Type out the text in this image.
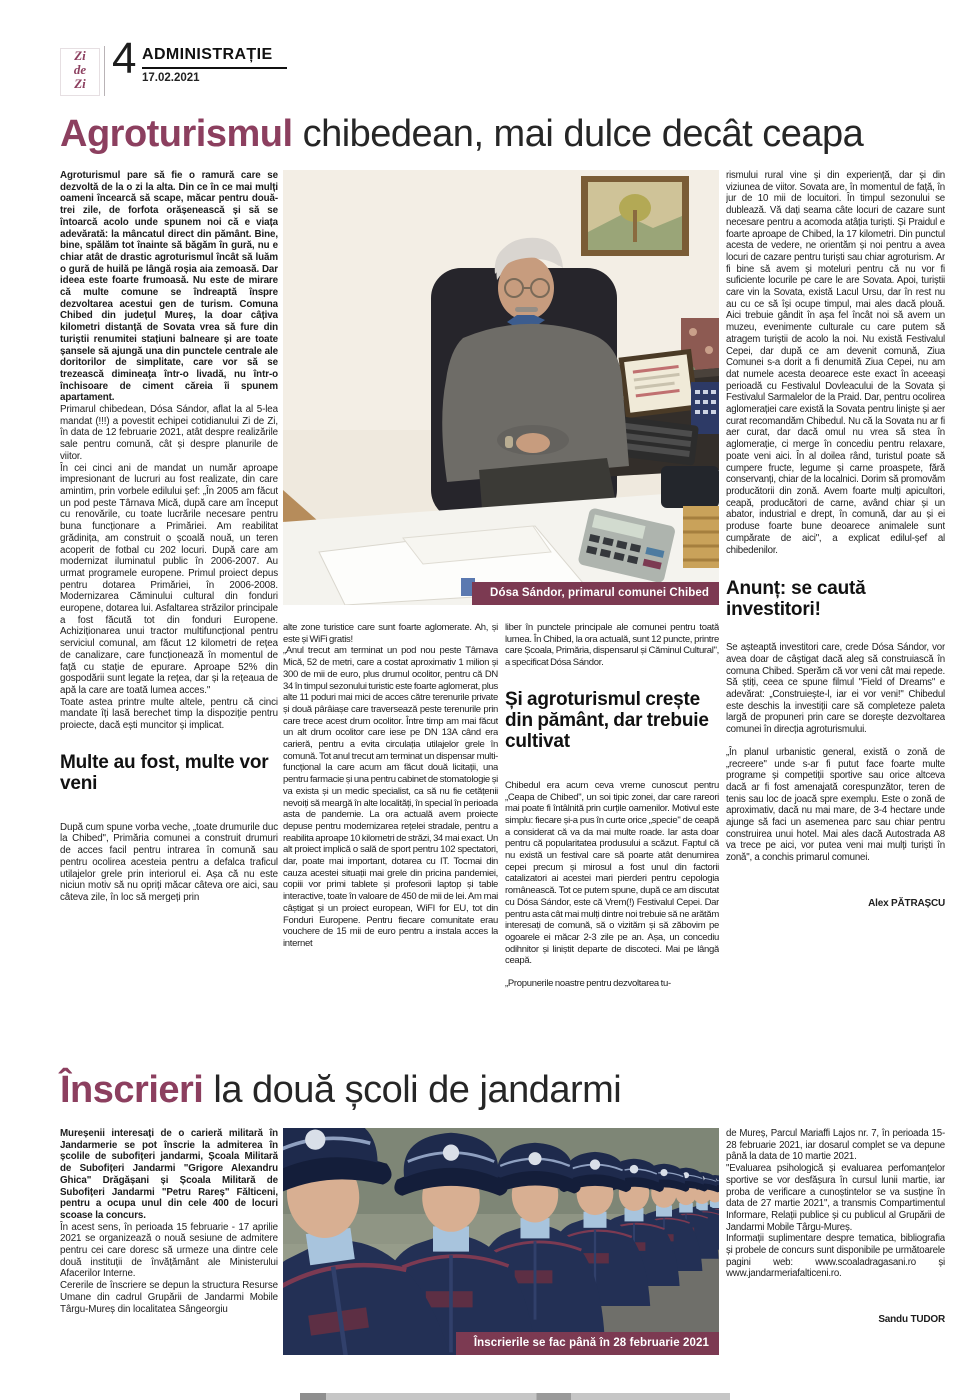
Zi
de
Zi
4 ADMINISTRAȚIE
17.02.2021
Agroturismul chibedean, mai dulce decât ceapa

Agroturismul pare să fie o ramură care se dezvoltă de la o zi la alta. Din ce în ce mai mulți oameni încearcă să scape, măcar pentru două-trei zile, de forfota orășenească și să se întoarcă acolo unde spunem noi că e viața adevărată: la mâncatul direct din pământ. Bine, bine, spălăm tot înainte să băgăm în gură, nu e chiar atât de drastic agroturismul încât să luăm o gură de huilă pe lângă roșia aia zemoasă. Dar ideea este foarte frumoasă. Nu este de mirare că multe comune se îndreaptă înspre dezvoltarea acestui gen de turism. Comuna Chibed din județul Mureș, la doar câțiva kilometri distanță de Sovata vrea să fure din turiștii renumitei stațiuni balneare și are toate șansele să ajungă una din punctele centrale ale doritorilor de simplitate, care vor să se trezească dimineața într-o livadă, nu într-o închisoare de ciment căreia îi spunem apartament.

Primarul chibedean, Dósa Sándor, aflat la al 5-lea mandat (!!!) a povestit echipei cotidianului Zi de Zi, în data de 12 februarie 2021, atât despre realizările sale pentru comună, cât și despre planurile de viitor.

În cei cinci ani de mandat un număr aproape impresionant de lucruri au fost realizate, din care amintim, prin vorbele edilului șef: „În 2005 am făcut un pod peste Târnava Mică, după care am început cu renovările, cu toate lucrările necesare pentru buna funcționare a Primăriei. Am reabilitat grădinița, am construit o școală nouă, un teren acoperit de fotbal cu 202 locuri. După care am modernizat iluminatul public în 2006-2007. Au urmat programele europene. Primul proiect depus pentru dotarea Primăriei, în 2006-2008. Modernizarea Căminului cultural din fonduri europene, dotarea lui. Asfaltarea străzilor principale a fost făcută tot din fonduri Europene. Achiziționarea unui tractor multifuncțional pentru serviciul comunal, am făcut 12 kilometri de rețea de canalizare, care funcționează în momentul de față cu stație de epurare. Aproape 52% din gospodării sunt legate la rețea, dar și la rețeaua de apă la care are toată lumea acces."

Toate astea printre multe altele, pentru că cinci mandate îți lasă berechet timp la dispoziție pentru proiecte, dacă ești muncitor și implicat.

Multe au fost, multe vor veni

După cum spune vorba veche, „toate drumurile duc la Chibed", Primăria comunei a construit drumuri de acces facil pentru intrarea în comună sau pentru ocolirea acesteia pentru a defalca traficul utilajelor grele prin interiorul ei. Așa că nu este niciun motiv să nu opriți măcar câteva ore aici, sau câteva zile, în loc să mergeți prin

Dósa Sándor, primarul comunei Chibed

alte zone turistice care sunt foarte aglomerate. Ah, și este și WiFi gratis!

„Anul trecut am terminat un pod nou peste Târnava Mică, 52 de metri, care a costat aproximativ 1 milion și 300 de mii de euro, plus drumul ocolitor, pentru că DN 34 în timpul sezonului turistic este foarte aglomerat, plus alte 11 poduri mai mici de acces către terenurile private și două pârâiașe care traversează peste terenurile prin care trece acest drum ocolitor. Între timp am mai făcut un alt drum ocolitor care iese pe DN 13A când era carieră, pentru a evita circulația utilajelor grele în comună. Tot anul trecut am terminat un dispensar multi-funcțional la care acum am făcut două licitații, una pentru farmacie și una pentru cabinet de stomatologie și va exista și un medic specialist, ca să nu fie cetățenii nevoiți să meargă în alte localități, în special în perioada asta de pandemie. La ora actuală avem proiecte depuse pentru modernizarea rețelei stradale, pentru a reabilita aproape 10 kilometri de străzi, 34 mai exact. Un alt proiect implică o sală de sport pentru 102 spectatori, dar, poate mai important, dotarea cu IT. Tocmai din cauza acestei situații mai grele din pricina pandemiei, copiii vor primi tablete și profesorii laptop și table interactive, toate în valoare de 450 de mii de lei. Am mai câștigat și un proiect european, WiFI for EU, tot din Fonduri Europene. Pentru fiecare comunitate erau vouchere de 15 mii de euro pentru a instala acces la internet

liber în punctele principale ale comunei pentru toată lumea. În Chibed, la ora actuală, sunt 12 puncte, printre care Școala, Primăria, dispensarul și Căminul Cultural", a specificat Dósa Sándor.

Și agroturismul crește din pământ, dar trebuie cultivat

Chibedul era acum ceva vreme cunoscut pentru „Ceapa de Chibed", un soi tipic zonei, dar care rareori mai poate fi întâlnită prin curțile oamenilor. Motivul este simplu: fiecare și-a pus în curte orice „specie" de ceapă a considerat că va da mai multe roade. Iar asta doar pentru că popularitatea produsului a scăzut. Faptul că nu există un festival care să poarte atât denumirea cepei precum și mirosul a fost unul din factorii catalizatori ai acestei mari pierderi pentru cepologia românească. Tot ce putem spune, după ce am discutat cu Dósa Sándor, este că Vrem(!) Festivalul Cepei. Dar pentru asta cât mai mulți dintre noi trebuie să ne arătăm interesați de comună, să o vizităm și să zăbovim pe ogoarele ei măcar 2-3 zile pe an. Așa, un concediu odihnitor și liniștit departe de discoteci. Mai pe lângă ceapă.

„Propunerile noastre pentru dezvoltarea tu-

rismului rural vine și din experiență, dar și din viziunea de viitor. Sovata are, în momentul de față, în jur de 10 mii de locuitori. În timpul sezonului se dublează. Vă dați seama câte locuri de cazare sunt necesare pentru a acomoda atâția turiști. Și Praidul e foarte aproape de Chibed, la 17 kilometri. Din punctul acesta de vedere, ne orientăm și noi pentru a avea locuri de cazare pentru turiști sau chiar agroturism. Ar fi bine să avem și moteluri pentru că nu vor fi suficiente locurile pe care le are Sovata. Apoi, turiștii care vin la Sovata, există Lacul Ursu, dar în rest nu au cu ce să își ocupe timpul, mai ales dacă plouă. Aici trebuie gândit în așa fel încât noi să avem un muzeu, evenimente culturale cu care putem să atragem turiștii de acolo la noi. Nu există Festivalul Cepei, dar după ce am devenit comună, Ziua Comunei s-a dorit a fi denumită Ziua Cepei, nu am dat numele acesta deoarece este exact în aceeași perioadă cu Festivalul Dovleacului de la Sovata și Festivalul Sarmalelor de la Praid. Dar, pentru ocolirea aglomerației care există la Sovata pentru liniște și aer curat recomandăm Chibedul. Nu că la Sovata nu ar fi aer curat, dar dacă omul nu vrea să stea în aglomerație, ci merge în concediu pentru relaxare, poate veni aici. În al doilea rând, turistul poate să cumpere fructe, legume și carne proaspete, fără conservanți, chiar de la localnici. Dorim să promovăm producătorii din zonă. Avem foarte mulți apicultori, ceapă, producători de carne, având chiar și un abator, industrial e drept, în comună, dar au și ei produse foarte bune deoarece animalele sunt cumpărate de aici", a explicat edilul-șef al chibedenilor.

Anunț: se caută investitori!

Se așteaptă investitori care, crede Dósa Sándor, vor avea doar de câștigat dacă aleg să construiască în comuna Chibed. Sperăm că vor veni cât mai repede. Să știți, ceea ce spune filmul "Field of Dreams" e adevărat: „Construiește-l, iar ei vor veni!" Chibedul este deschis la investiții care să completeze paleta largă de propuneri prin care se dorește dezvoltarea comunei în direcția agroturismului.

„În planul urbanistic general, există o zonă de „recreere" unde s-ar fi putut face foarte multe programe și competiții sportive sau orice altceva dacă ar fi fost amenajată corespunzător, teren de tenis sau loc de joacă spre exemplu. Este o zonă de aproximativ, dacă nu mai mare, de 3-4 hectare unde ajunge să faci un asemenea parc sau chiar pentru construirea unui hotel. Mai ales dacă Autostrada A8 va trece pe aici, vor putea veni mai mulți turiști în zonă", a conchis primarul comunei.

Alex PĂTRAȘCU
Înscrieri la două școli de jandarmi

Mureșenii interesați de o carieră militară în Jandarmerie se pot înscrie la admiterea în școlile de subofițeri jandarmi, Școala Militară de Subofițeri Jandarmi "Grigore Alexandru Ghica" Drăgășani și Școala Militară de Subofițeri Jandarmi "Petru Rareș" Fălticeni, pentru a ocupa unul din cele 400 de locuri scoase la concurs.

În acest sens, în perioada 15 februarie - 17 aprilie 2021 se organizează o nouă sesiune de admitere pentru cei care doresc să urmeze una dintre cele două instituții de învățământ ale Ministerului Afacerilor Interne.

Cererile de înscriere se depun la structura Resurse Umane din cadrul Grupării de Jandarmi Mobile Târgu-Mureș din localitatea Sângeorgiu

Înscrierile se fac până în 28 februarie 2021

de Mureș, Parcul Mariaffi Lajos nr. 7, în perioada 15-28 februarie 2021, iar dosarul complet se va depune până la data de 10 martie 2021.

"Evaluarea psihologică și evaluarea perfomanțelor sportive se vor desfășura în cursul lunii martie, iar proba de verificare a cunoștintelor se va susține în data de 27 martie 2021", a transmis Compartimentul Informare, Relații publice și cu publicul al Grupării de Jandarmi Mobile Târgu-Mureș.

Informații suplimentare despre tematica, bibliografia și probele de concurs sunt disponibile pe următoarele pagini web: www.scoaladragasani.ro și www.jandarmeriafalticeni.ro.

Sandu TUDOR
